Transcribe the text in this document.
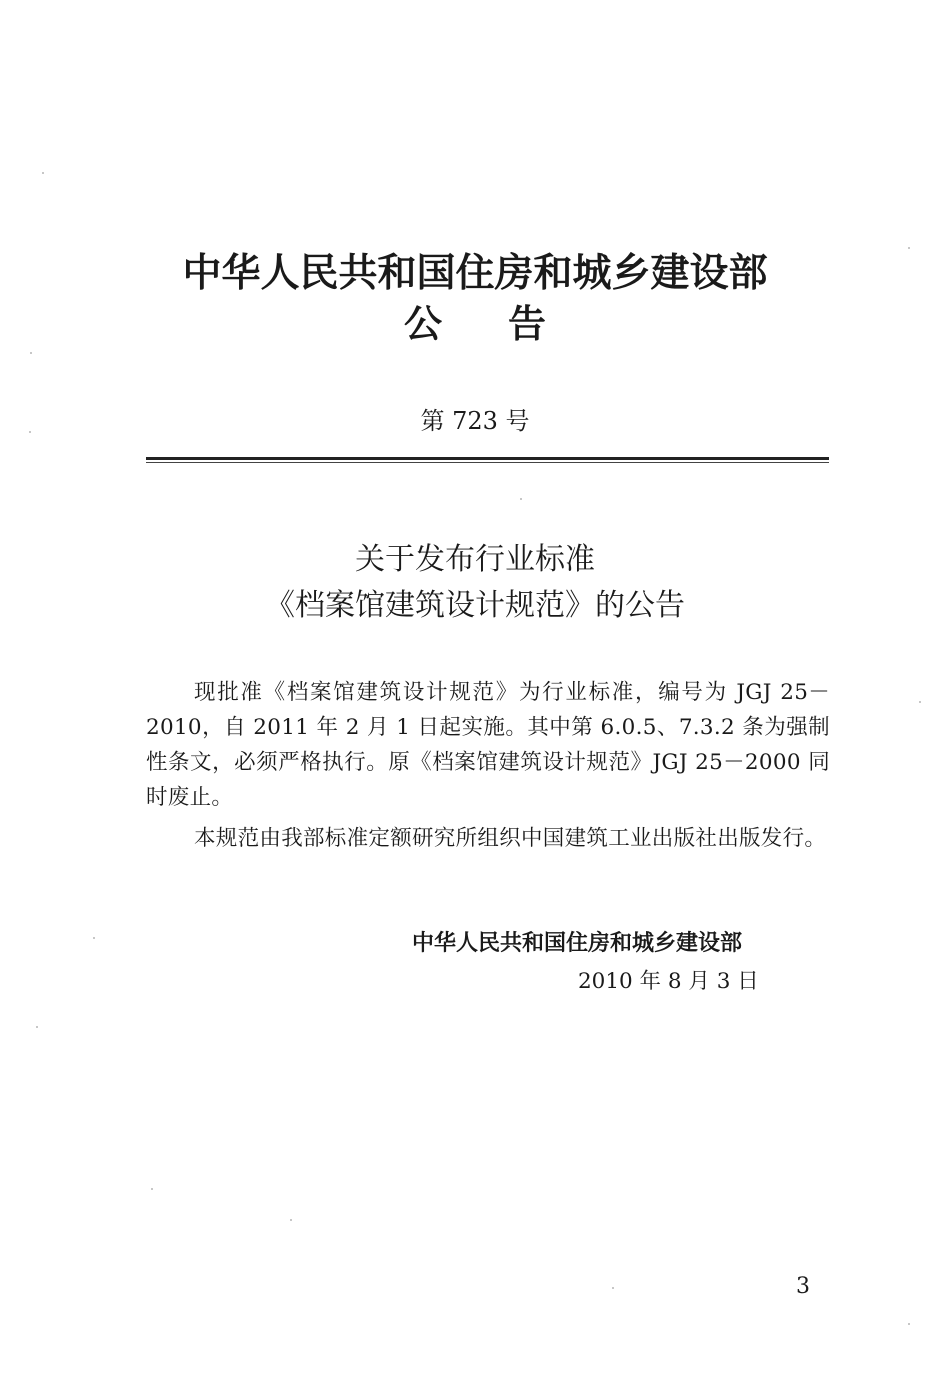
中华人民共和国住房和城乡建设部
公 告
第 723 号
关于发布行业标准
《档案馆建筑设计规范》的公告
现批准《档案馆建筑设计规范》为行业标准，编号为 JGJ 25－2010，自 2011 年 2 月 1 日起实施。其中第 6.0.5、7.3.2 条为强制性条文，必须严格执行。原《档案馆建筑设计规范》JGJ 25－2000 同时废止。
本规范由我部标准定额研究所组织中国建筑工业出版社出版发行。
中华人民共和国住房和城乡建设部
2010 年 8 月 3 日
3
